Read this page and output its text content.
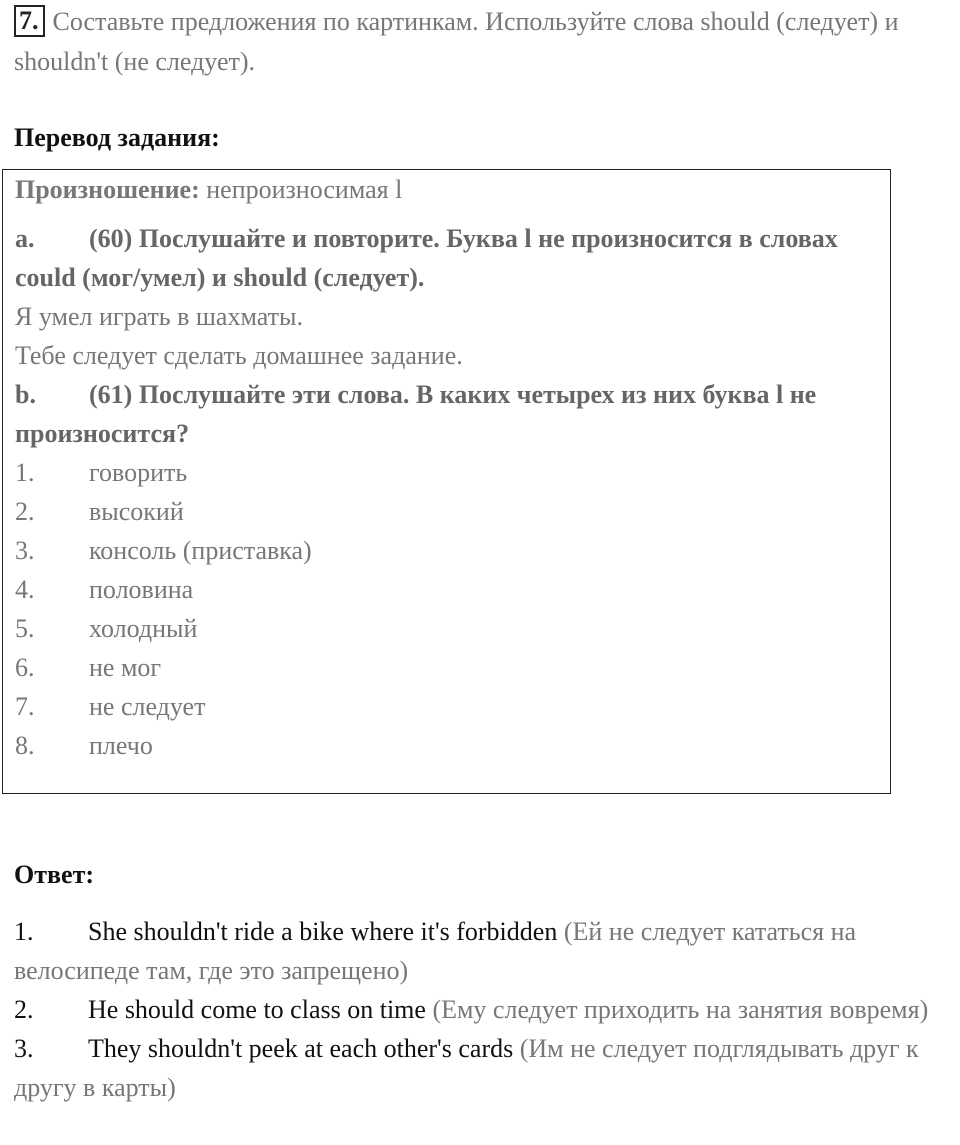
7. Составьте предложения по картинкам. Используйте слова should (следует) и shouldn't (не следует).
Перевод задания:
Произношение: непроизносимая l
a. (60) Послушайте и повторите. Буква l не произносится в словах could (мог/умел) и should (следует).
Я умел играть в шахматы.
Тебе следует сделать домашнее задание.
b. (61) Послушайте эти слова. В каких четырех из них буква l не произносится?
1. говорить
2. высокий
3. консоль (приставка)
4. половина
5. холодный
6. не мог
7. не следует
8. плечо
Ответ:
1. She shouldn't ride a bike where it's forbidden (Ей не следует кататься на велосипеде там, где это запрещено)
2. He should come to class on time (Ему следует приходить на занятия вовремя)
3. They shouldn't peek at each other's cards (Им не следует подглядывать друг к другу в карты)
